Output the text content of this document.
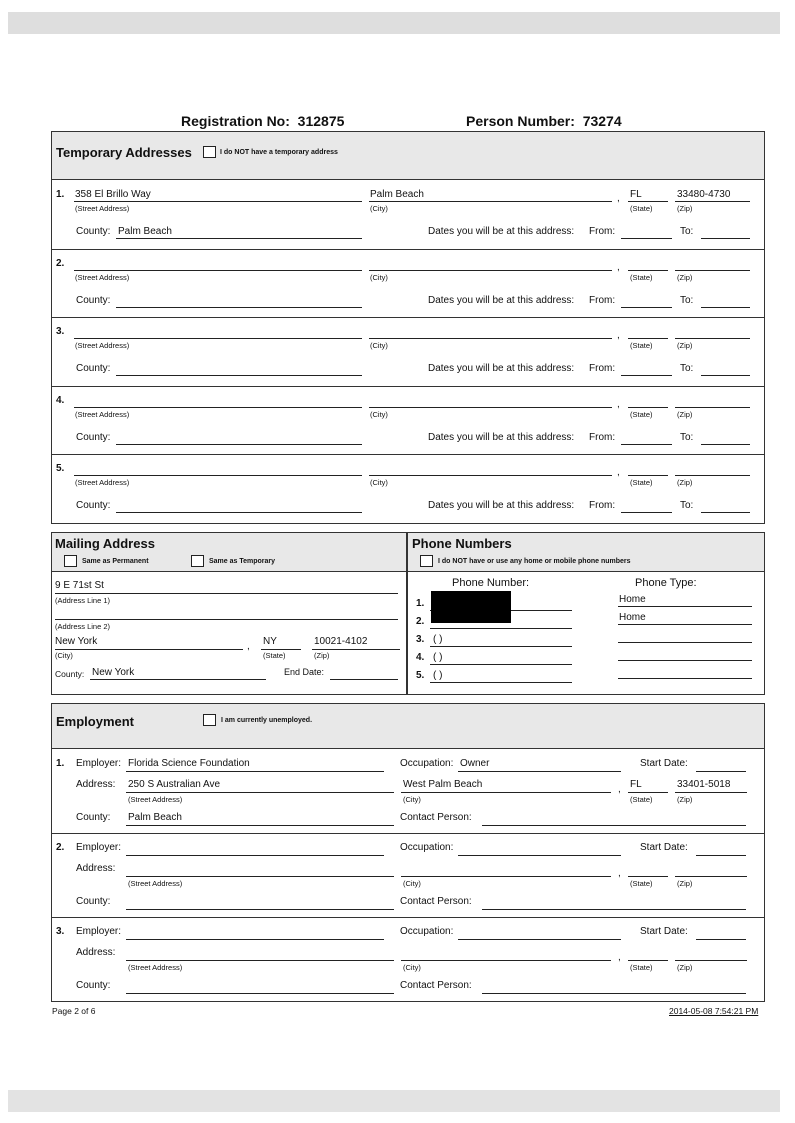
Registration No: 312875	Person Number: 73274
Temporary Addresses	I do NOT have a temporary address
1. 358 El Brillo Way
(Street Address)
Palm Beach
(City)
, FL
(State)
33480-4730
(Zip)
County: Palm Beach	Dates you will be at this address: From:	To:
2.
(Street Address)	(City)
,
(State)	(Zip)
County:	Dates you will be at this address: From:	To:
3.
(Street Address)	(City)
,
(State)	(Zip)
County:	Dates you will be at this address: From:	To:
4.
(Street Address)	(City)
,
(State)	(Zip)
County:	Dates you will be at this address: From:	To:
5.
(Street Address)	(City)
,
(State)	(Zip)
County:	Dates you will be at this address: From:	To:
Mailing Address
Same as Permanent	Same as Temporary
9 E 71st St
(Address Line 1)
(Address Line 2)
New York
(City)
, NY
(State)
10021-4102
(Zip)
County: New York	End Date:
Phone Numbers
I do NOT have or use any home or mobile phone numbers
Phone Number:	Phone Type:
1.	Home
2.	Home
3. ( )
4. ( )
5. ( )
Employment	I am currently unemployed.
1. Employer: Florida Science Foundation	Occupation: Owner	Start Date:
Address: 250 S Australian Ave
(Street Address)
West Palm Beach
(City)
, FL
(State)
33401-5018
(Zip)
County: Palm Beach	Contact Person:
2. Employer:	Occupation:	Start Date:
Address:
(Street Address)	(City)
,
(State)	(Zip)
County:	Contact Person:
3. Employer:	Occupation:	Start Date:
Address:
(Street Address)	(City)
,
(State)	(Zip)
County:	Contact Person:
Page 2 of 6	2014-05-08 7:54:21 PM
